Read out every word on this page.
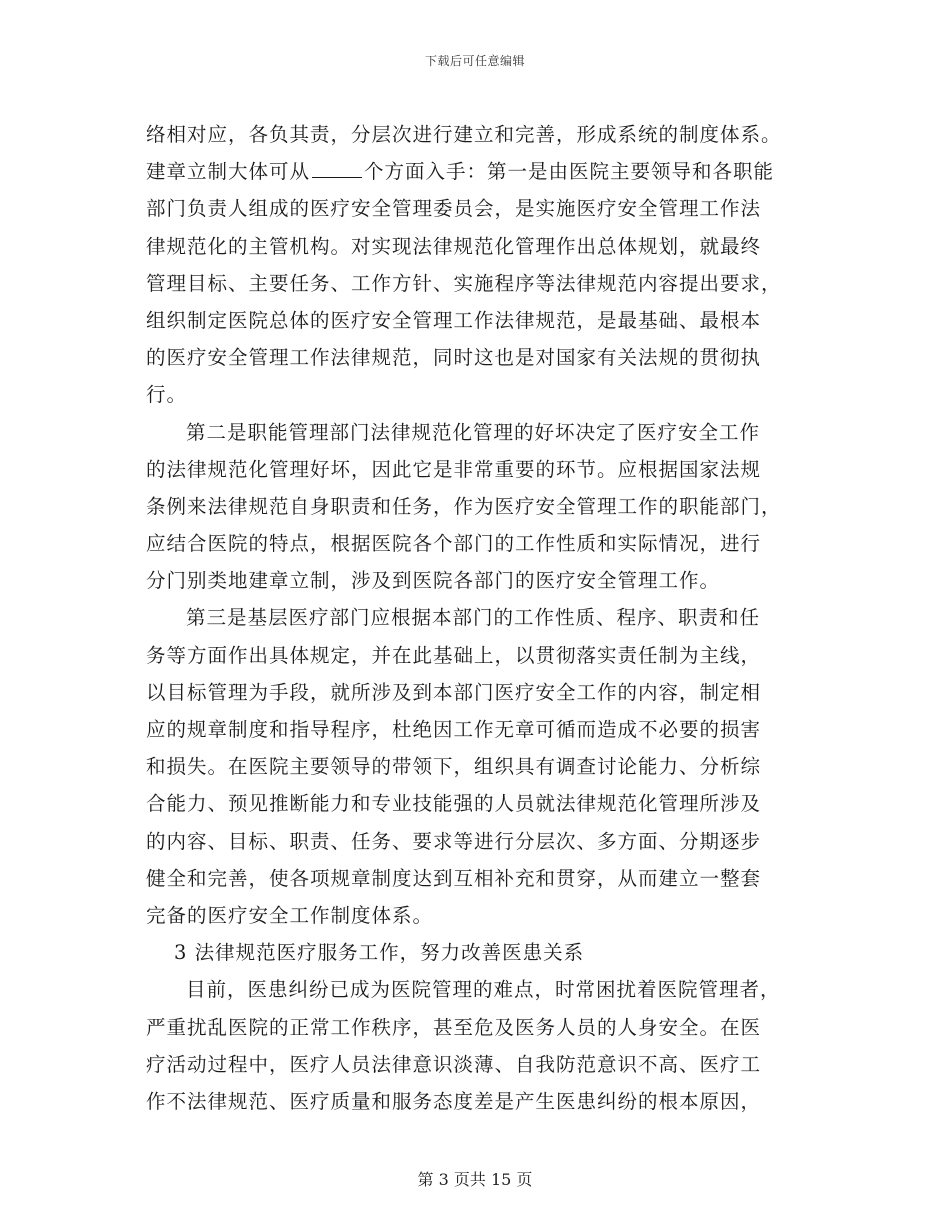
下载后可任意编辑
络相对应，各负其责，分层次进行建立和完善，形成系统的制度体系。
建章立制大体可从	个方面入手：第一是由医院主要领导和各职能
部门负责人组成的医疗安全管理委员会，是实施医疗安全管理工作法
律规范化的主管机构。对实现法律规范化管理作出总体规划，就最终
管理目标、主要任务、工作方针、实施程序等法律规范内容提出要求，
组织制定医院总体的医疗安全管理工作法律规范，是最基础、最根本
的医疗安全管理工作法律规范，同时这也是对国家有关法规的贯彻执
行。
第二是职能管理部门法律规范化管理的好坏决定了医疗安全工作
的法律规范化管理好坏，因此它是非常重要的环节。应根据国家法规
条例来法律规范自身职责和任务，作为医疗安全管理工作的职能部门，
应结合医院的特点，根据医院各个部门的工作性质和实际情况，进行
分门别类地建章立制，涉及到医院各部门的医疗安全管理工作。
第三是基层医疗部门应根据本部门的工作性质、程序、职责和任
务等方面作出具体规定，并在此基础上，以贯彻落实责任制为主线，
以目标管理为手段，就所涉及到本部门医疗安全工作的内容，制定相
应的规章制度和指导程序，杜绝因工作无章可循而造成不必要的损害
和损失。在医院主要领导的带领下，组织具有调查讨论能力、分析综
合能力、预见推断能力和专业技能强的人员就法律规范化管理所涉及
的内容、目标、职责、任务、要求等进行分层次、多方面、分期逐步
健全和完善，使各项规章制度达到互相补充和贯穿，从而建立一整套
完备的医疗安全工作制度体系。
3 法律规范医疗服务工作，努力改善医患关系
目前，医患纠纷已成为医院管理的难点，时常困扰着医院管理者，
严重扰乱医院的正常工作秩序，甚至危及医务人员的人身安全。在医
疗活动过程中，医疗人员法律意识淡薄、自我防范意识不高、医疗工
作不法律规范、医疗质量和服务态度差是产生医患纠纷的根本原因，
第 3 页共 15 页
